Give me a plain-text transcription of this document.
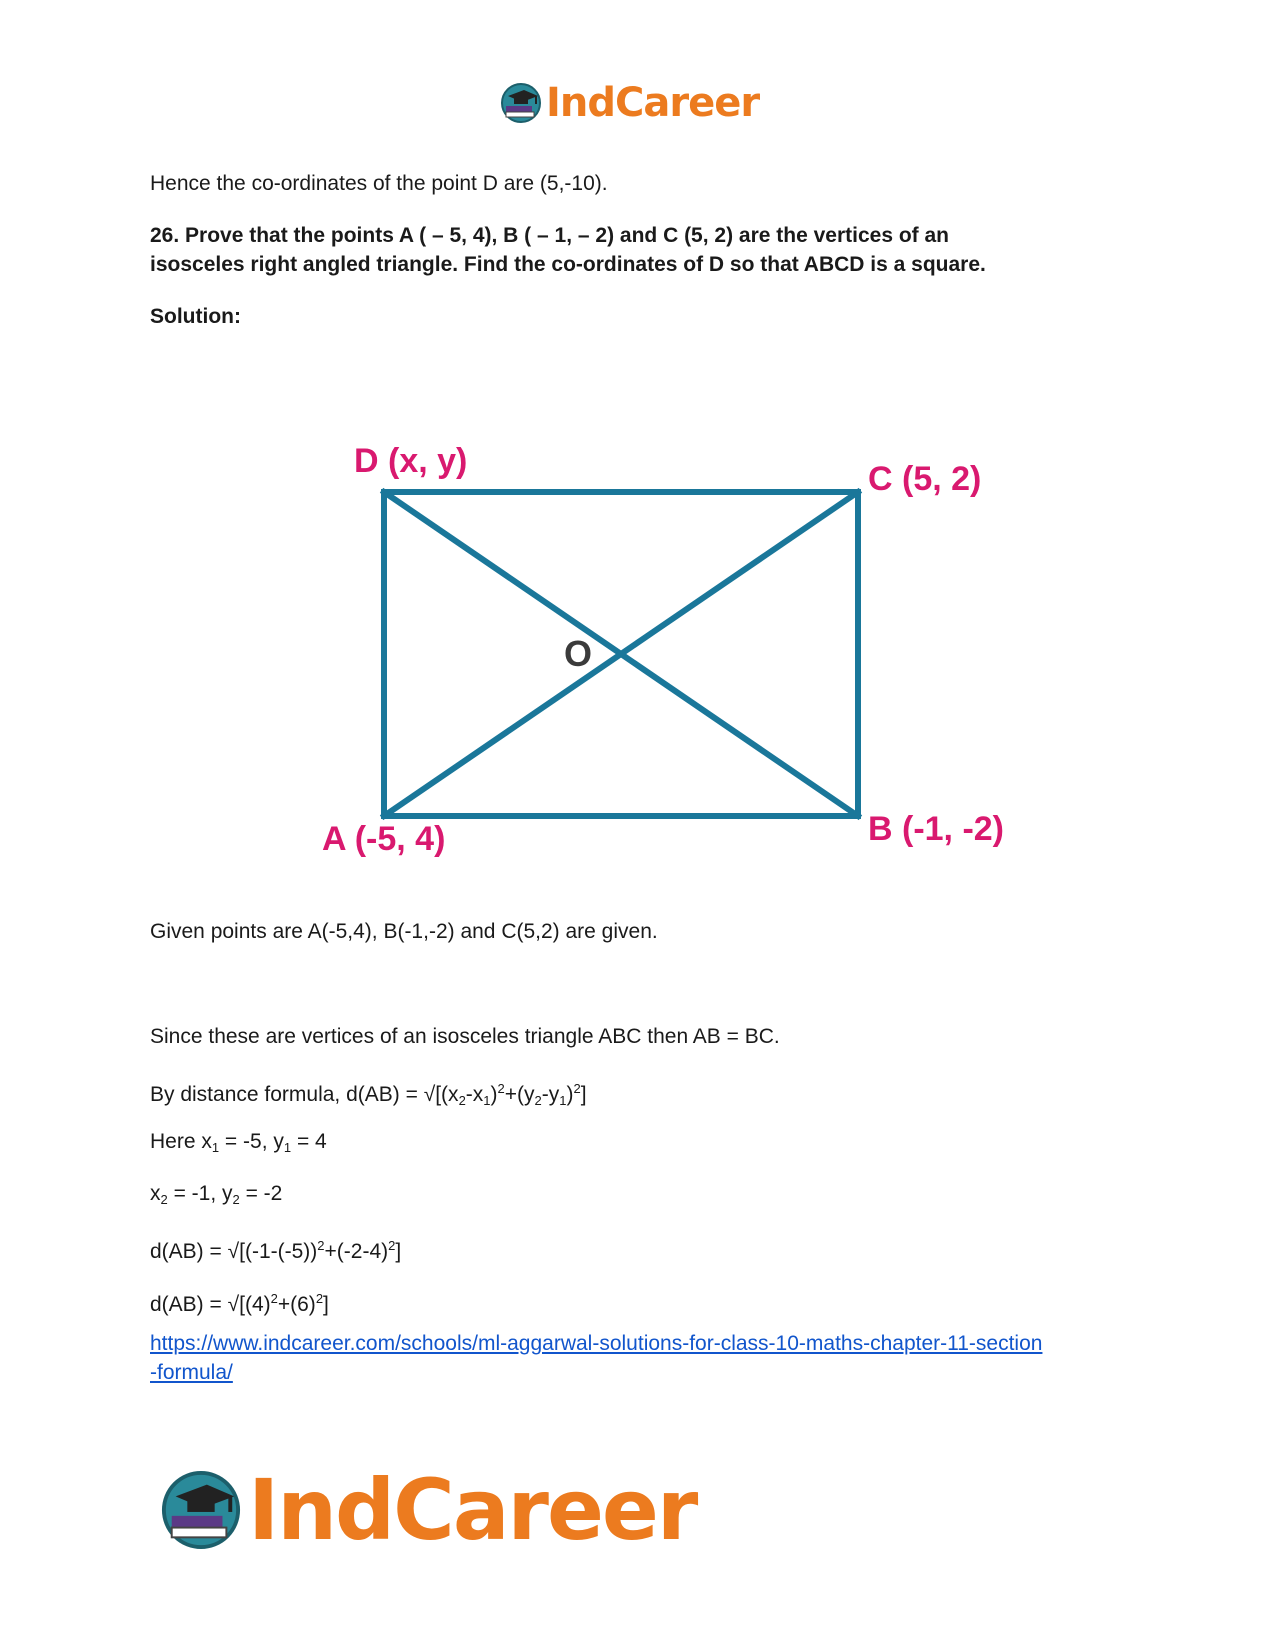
IndCareer
Hence the co-ordinates of the point D are (5,-10).
26. Prove that the points A ( – 5, 4), B ( – 1, – 2) and C (5, 2) are the vertices of an
isosceles right angled triangle. Find the co-ordinates of D so that ABCD is a square.
Solution:
D (x, y)	C (5, 2)
A (-5, 4)	B (-1, -2)
O
Given points are A(-5,4), B(-1,-2) and C(5,2) are given.
Since these are vertices of an isosceles triangle ABC then AB = BC.
By distance formula, $d(AB) = √[(x_2-x_1)^2+(y_2-y_1)^2]$
Here $x_1 = -5$, $y_1 = 4$
$x_2 = -1$, $y_2 = -2$
$d(AB) = √[(-1-(-5))^2+(-2-4)^2]$
$d(AB) = √[(4)^2+(6)^2]$
https://www.indcareer.com/schools/ml-aggarwal-solutions-for-class-10-maths-chapter-11-section
-formula/
IndCareer
